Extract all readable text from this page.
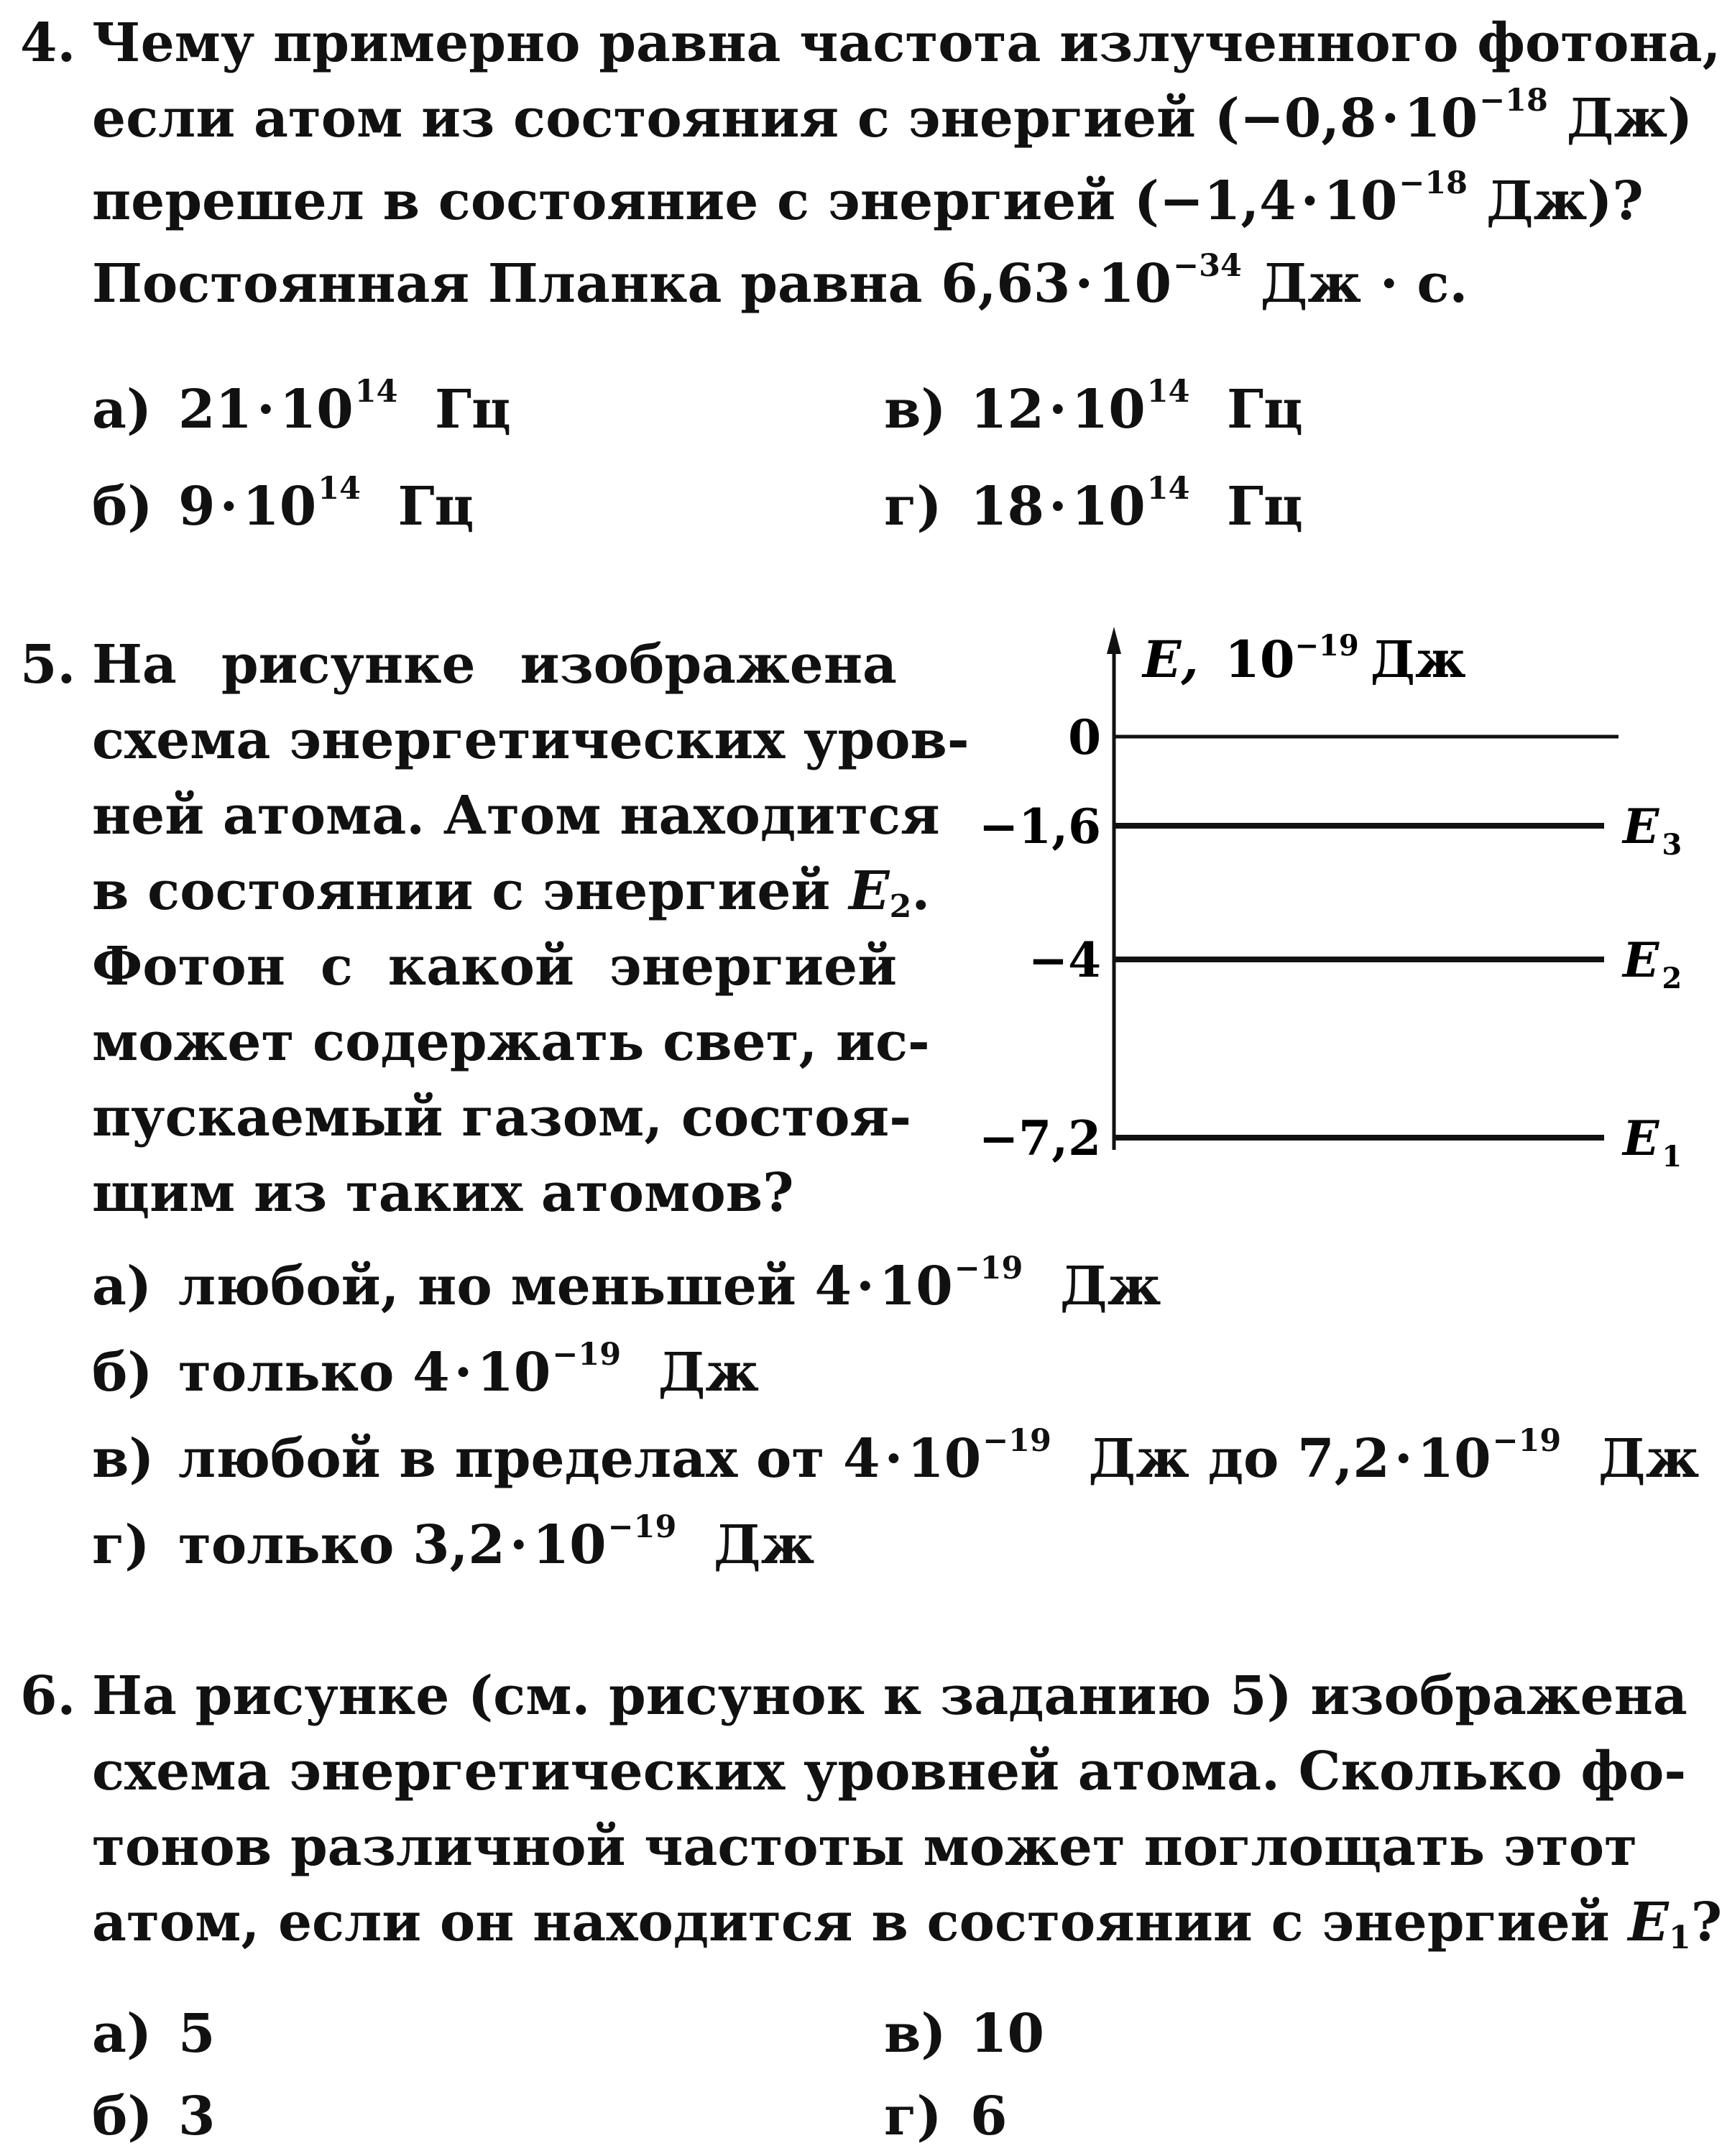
4. Чему примерно равна частота излученного фотона,
если атом из состояния с энергией ($-0,8\cdot 10^{-18}$ Дж)
перешел в состояние с энергией ($-1,4\cdot 10^{-18}$ Дж)?
Постоянная Планка равна $6,63\cdot 10^{-34}$ Дж · с.
а) $21\cdot 10^{14}$ Гц
б) $9\cdot 10^{14}$ Гц
в) $12\cdot 10^{14}$ Гц
г) $18\cdot 10^{14}$ Гц
5. На рисунке изображена
схема энергетических уров-
ней атома. Атом находится
в состоянии с энергией $E_2$.
Фотон с какой энергией
может содержать свет, ис-
пускаемый газом, состоя-
щим из таких атомов?
E, $10^{-19}$ Дж
0
−1,6	E $_3$
−4	E $_2$
−7,2	E $_1$
а) любой, но меньшей $4\cdot 10^{-19}$ Дж
б) только $4\cdot 10^{-19}$ Дж
в) любой в пределах от $4\cdot 10^{-19}$ Дж до $7,2\cdot 10^{-19}$ Дж
г) только $3,2\cdot 10^{-19}$ Дж
6. На рисунке (см. рисунок к заданию 5) изображена
схема энергетических уровней атома. Сколько фо-
тонов различной частоты может поглощать этот
атом, если он находится в состоянии с энергией $E_1$?
а) 5
б) 3
в) 10
г) 6
